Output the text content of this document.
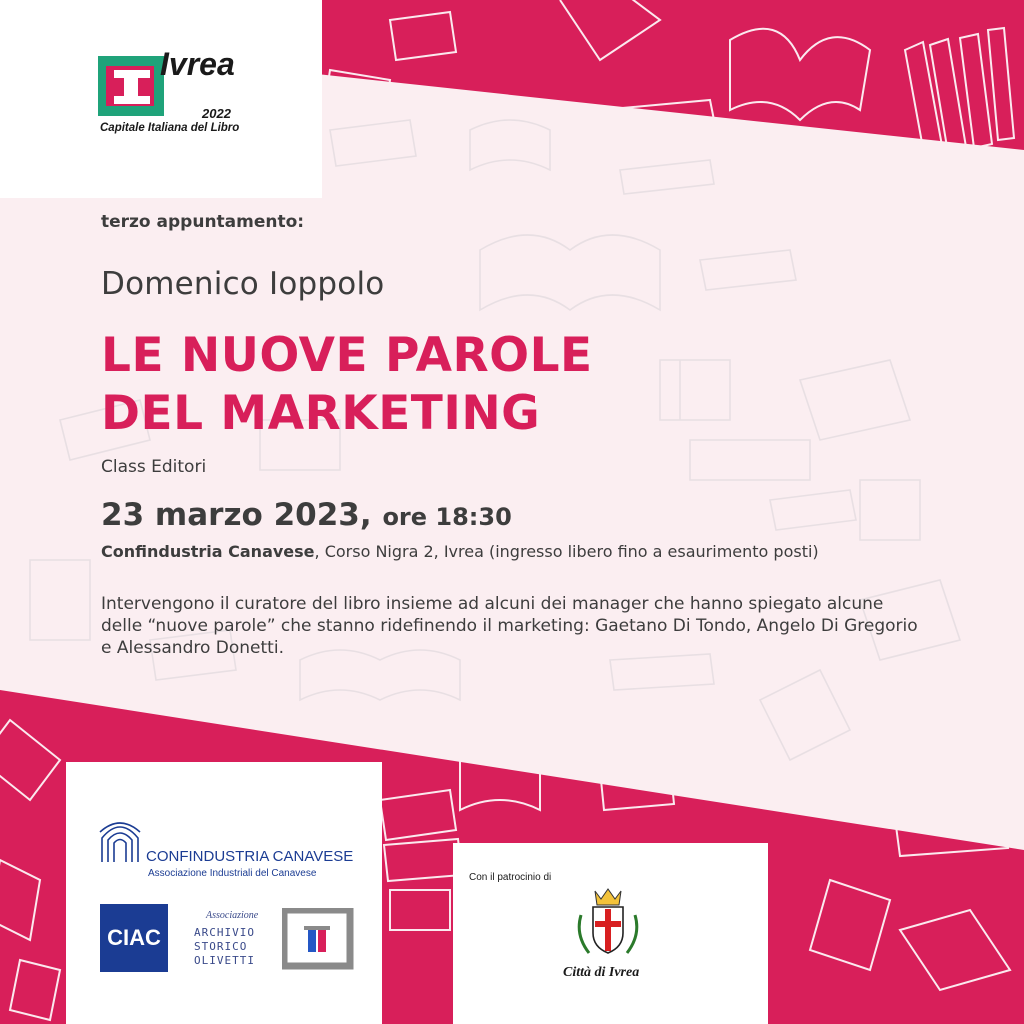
Ivrea
2022
Capitale Italiana del Libro
terzo appuntamento:
Domenico Ioppolo
LE NUOVE PAROLE
DEL MARKETING
Class Editori
23 marzo 2023, ore 18:30
Confindustria Canavese, Corso Nigra 2, Ivrea (ingresso libero fino a esaurimento posti)
Intervengono il curatore del libro insieme ad alcuni dei manager che hanno spiegato alcune delle “nuove parole” che stanno ridefinendo il marketing: Gaetano Di Tondo, Angelo Di Gregorio e Alessandro Donetti.
CONFINDUSTRIA CANAVESE
Associazione Industriali del Canavese
CIAC
Associazione
ARCHIVIO
STORICO
OLIVETTI
Con il patrocinio di
Città di Ivrea
